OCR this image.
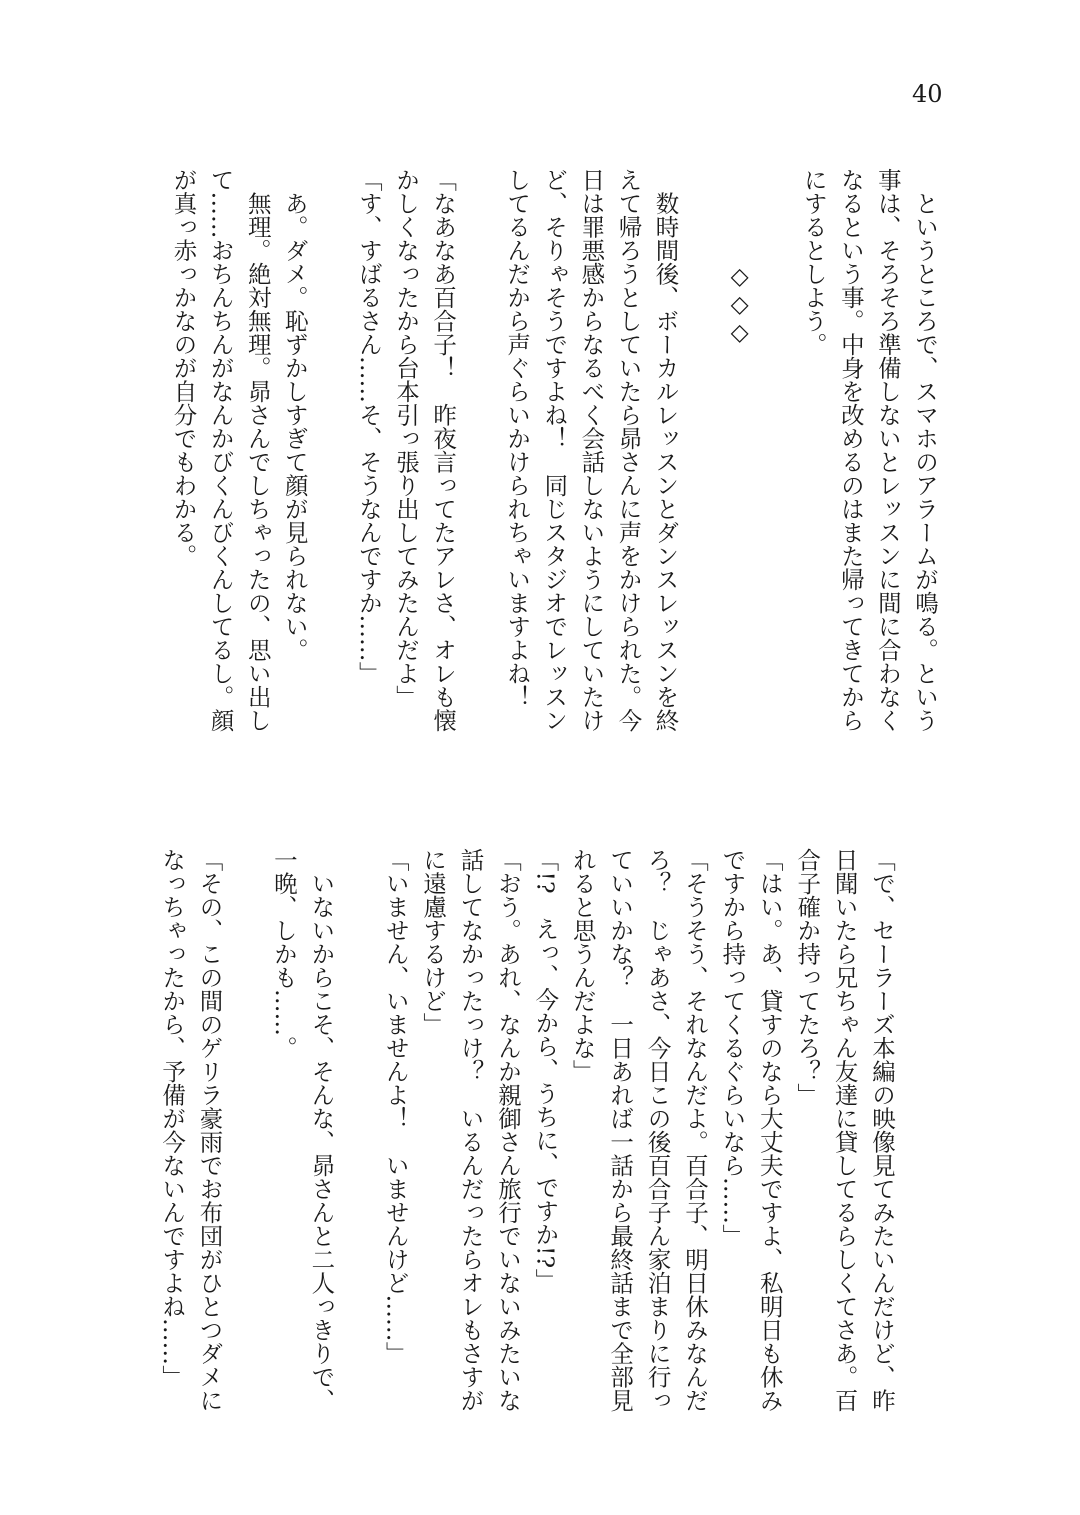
40
　というところで、スマホのアラームが鳴る。という
事は、そろそろ準備しないとレッスンに間に合わなく
なるという事。中身を改めるのはまた帰ってきてから
にするとしよう。
　　　　◇◇◇
　数時間後、ボーカルレッスンとダンスレッスンを終
えて帰ろうとしていたら昴さんに声をかけられた。今
日は罪悪感からなるべく会話しないようにしていたけ
ど、そりゃそうですよね！　同じスタジオでレッスン
してるんだから声ぐらいかけられちゃいますよね！
「なあなあ百合子！　昨夜言ってたアレさ、オレも懐
かしくなったから台本引っ張り出してみたんだよ」
「す、すばるさん……そ、そうなんですか……」
　あ。ダメ。恥ずかしすぎて顔が見られない。
　無理。絶対無理。昴さんでしちゃったの、思い出し
て……おちんちんがなんかびくんびくんしてるし。顔
が真っ赤っかなのが自分でもわかる。
「で、セーラーズ本編の映像見てみたいんだけど、昨
日聞いたら兄ちゃん友達に貸してるらしくてさあ。百
合子確か持ってたろ？」
「はい。あ、貸すのなら大丈夫ですよ、私明日も休み
ですから持ってくるぐらいなら……」
「そうそう、それなんだよ。百合子、明日休みなんだ
ろ？　じゃあさ、今日この後百合子ん家泊まりに行っ
ていいかな？　一日あれば一話から最終話まで全部見
れると思うんだよな」
「!?　えっ、今から、うちに、ですか!?」
「おう。あれ、なんか親御さん旅行でいないみたいな
話してなかったっけ？　いるんだったらオレもさすが
に遠慮するけど」
「いません、いませんよ！　いませんけど……」
　いないからこそ、そんな、昴さんと二人っきりで、
一晩、しかも……。
「その、この間のゲリラ豪雨でお布団がひとつダメに
なっちゃったから、予備が今ないんですよね……」
